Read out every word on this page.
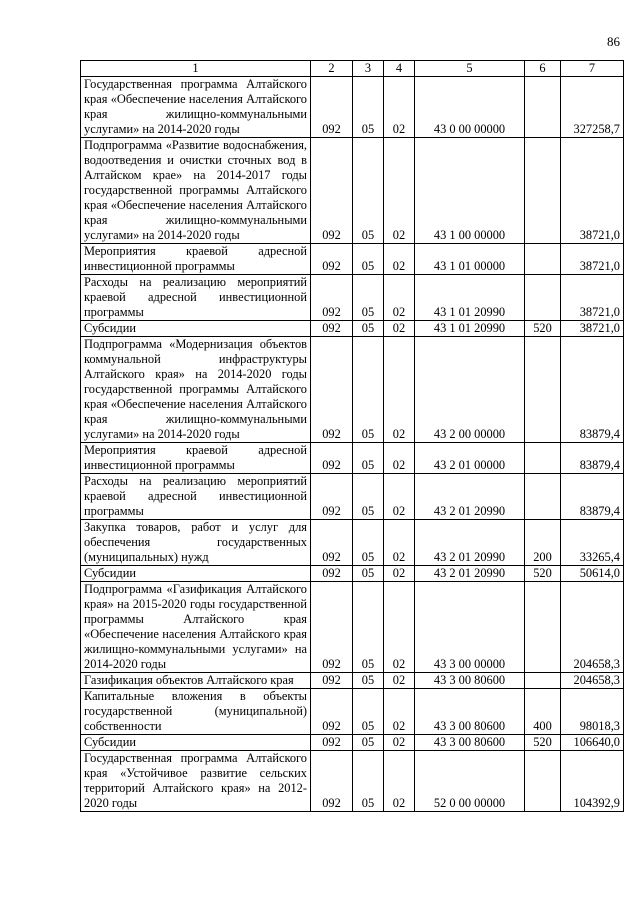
86
1	2	3	4	5	6	7
Государственная программа Алтайского края «Обеспечение населения Алтайского края жилищно-коммунальными услугами» на 2014-2020 годы	092	05	02	43 0 00 00000		327258,7
Подпрограмма «Развитие водоснабжения, водоотведения и очистки сточных вод в Алтайском крае» на 2014-2017 годы государственной программы Алтайского края «Обеспечение населения Алтайского края жилищно-коммунальными услугами» на 2014-2020 годы	092	05	02	43 1 00 00000		38721,0
Мероприятия краевой адресной инвестиционной программы	092	05	02	43 1 01 00000		38721,0
Расходы на реализацию мероприятий краевой адресной инвестиционной программы	092	05	02	43 1 01 20990		38721,0
Субсидии	092	05	02	43 1 01 20990	520	38721,0
Подпрограмма «Модернизация объектов коммунальной инфраструктуры Алтайского края» на 2014-2020 годы государственной программы Алтайского края «Обеспечение населения Алтайского края жилищно-коммунальными услугами» на 2014-2020 годы	092	05	02	43 2 00 00000		83879,4
Мероприятия краевой адресной инвестиционной программы	092	05	02	43 2 01 00000		83879,4
Расходы на реализацию мероприятий краевой адресной инвестиционной программы	092	05	02	43 2 01 20990		83879,4
Закупка товаров, работ и услуг для обеспечения государственных (муниципальных) нужд	092	05	02	43 2 01 20990	200	33265,4
Субсидии	092	05	02	43 2 01 20990	520	50614,0
Подпрограмма «Газификация Алтайского края» на 2015-2020 годы государственной программы Алтайского края «Обеспечение населения Алтайского края жилищно-коммунальными услугами» на 2014-2020 годы	092	05	02	43 3 00 00000		204658,3
Газификация объектов Алтайского края	092	05	02	43 3 00 80600		204658,3
Капитальные вложения в объекты государственной (муниципальной) собственности	092	05	02	43 3 00 80600	400	98018,3
Субсидии	092	05	02	43 3 00 80600	520	106640,0
Государственная программа Алтайского края «Устойчивое развитие сельских территорий Алтайского края» на 2012-2020 годы	092	05	02	52 0 00 00000		104392,9
